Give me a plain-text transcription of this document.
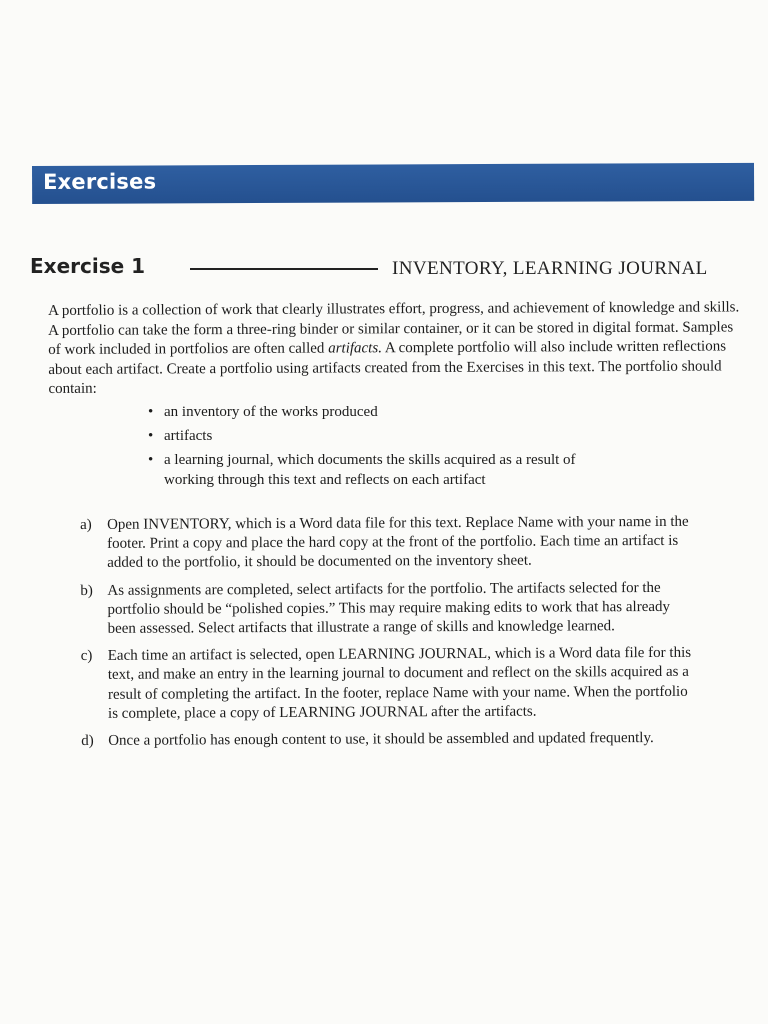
Exercises
Exercise 1	INVENTORY, LEARNING JOURNAL

A portfolio is a collection of work that clearly illustrates effort, progress, and achievement of knowledge and skills. A portfolio can take the form a three-ring binder or similar container, or it can be stored in digital format. Samples of work included in portfolios are often called artifacts. A complete portfolio will also include written reflections about each artifact. Create a portfolio using artifacts created from the Exercises in this text. The portfolio should contain:

• an inventory of the works produced
• artifacts
• a learning journal, which documents the skills acquired as a result of working through this text and reflects on each artifact
a) Open INVENTORY, which is a Word data file for this text. Replace Name with your name in the footer. Print a copy and place the hard copy at the front of the portfolio. Each time an artifact is added to the portfolio, it should be documented on the inventory sheet.
b) As assignments are completed, select artifacts for the portfolio. The artifacts selected for the portfolio should be “polished copies.” This may require making edits to work that has already been assessed. Select artifacts that illustrate a range of skills and knowledge learned.
c) Each time an artifact is selected, open LEARNING JOURNAL, which is a Word data file for this text, and make an entry in the learning journal to document and reflect on the skills acquired as a result of completing the artifact. In the footer, replace Name with your name. When the portfolio is complete, place a copy of LEARNING JOURNAL after the artifacts.
d) Once a portfolio has enough content to use, it should be assembled and updated frequently.
